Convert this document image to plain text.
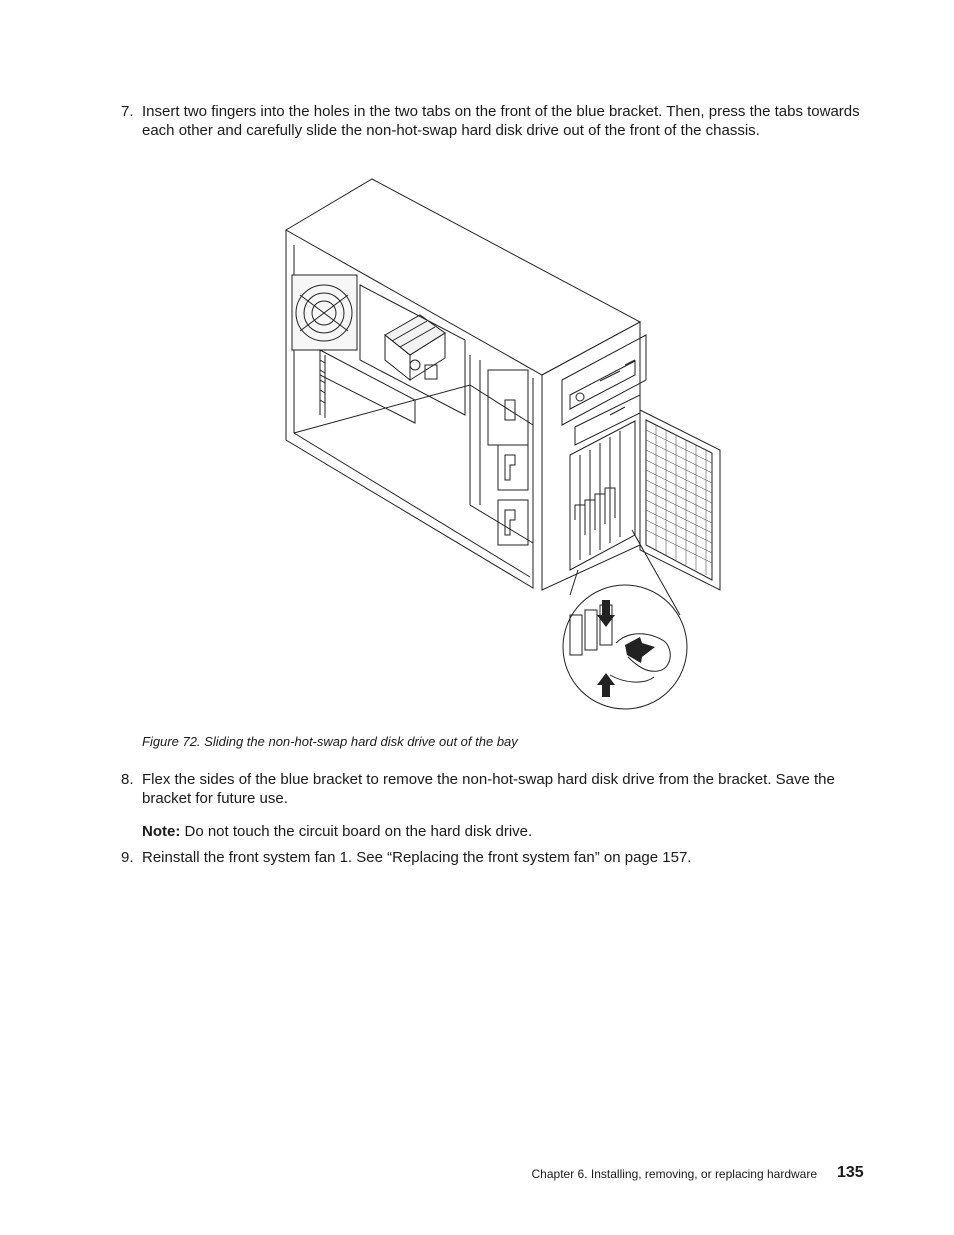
7. Insert two fingers into the holes in the two tabs on the front of the blue bracket. Then, press the tabs towards each other and carefully slide the non-hot-swap hard disk drive out of the front of the chassis.
Figure 72. Sliding the non-hot-swap hard disk drive out of the bay
8. Flex the sides of the blue bracket to remove the non-hot-swap hard disk drive from the bracket. Save the bracket for future use.
Note: Do not touch the circuit board on the hard disk drive.
9. Reinstall the front system fan 1. See “Replacing the front system fan” on page 157.
Chapter 6. Installing, removing, or replacing hardware 135
